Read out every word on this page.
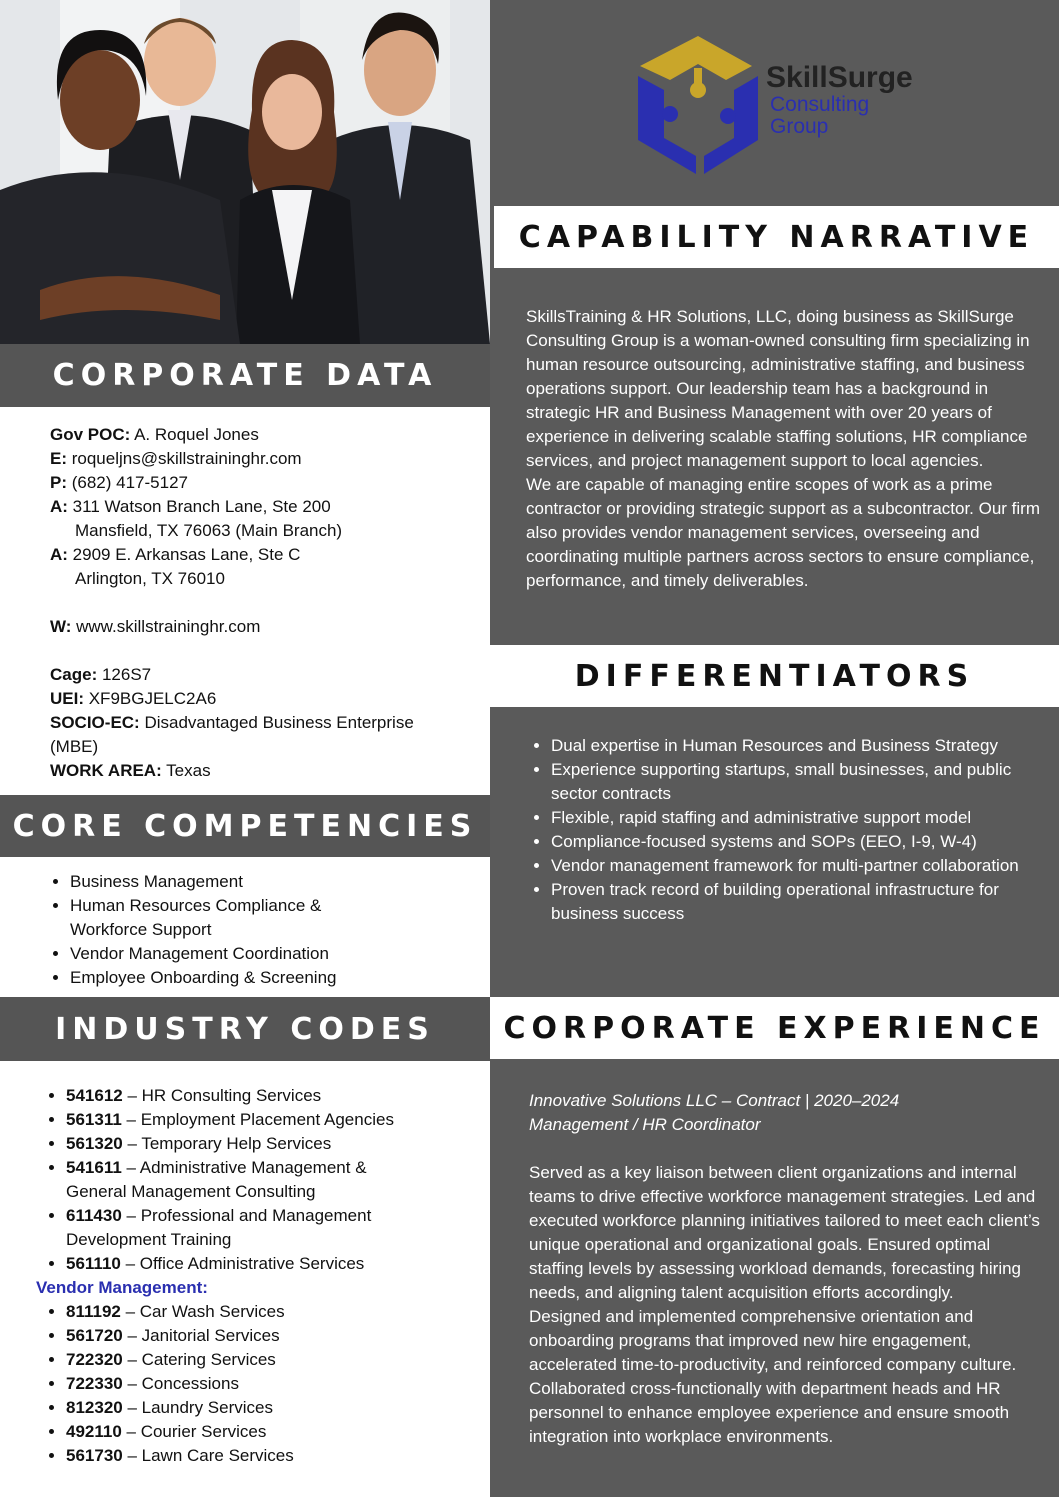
SkillSurge
Consulting
Group
CAPABILITY NARRATIVE
SkillsTraining & HR Solutions, LLC, doing business as SkillSurge Consulting Group is a woman-owned consulting firm specializing in human resource outsourcing, administrative staffing, and business operations support. Our leadership team has a background in strategic HR and Business Management with over 20 years of experience in delivering scalable staffing solutions, HR compliance services, and project management support to local agencies.
We are capable of managing entire scopes of work as a prime contractor or providing strategic support as a subcontractor. Our firm also provides vendor management services, overseeing and coordinating multiple partners across sectors to ensure compliance, performance, and timely deliverables.
DIFFERENTIATORS
• Dual expertise in Human Resources and Business Strategy
• Experience supporting startups, small businesses, and public sector contracts
• Flexible, rapid staffing and administrative support model
• Compliance-focused systems and SOPs (EEO, I-9, W-4)
• Vendor management framework for multi-partner collaboration
• Proven track record of building operational infrastructure for business success
CORPORATE EXPERIENCE
Innovative Solutions LLC – Contract | 2020–2024
Management / HR Coordinator
Served as a key liaison between client organizations and internal teams to drive effective workforce management strategies. Led and executed workforce planning initiatives tailored to meet each client’s unique operational and organizational goals. Ensured optimal staffing levels by assessing workload demands, forecasting hiring needs, and aligning talent acquisition efforts accordingly.
Designed and implemented comprehensive orientation and onboarding programs that improved new hire engagement, accelerated time-to-productivity, and reinforced company culture. Collaborated cross-functionally with department heads and HR personnel to enhance employee experience and ensure smooth integration into workplace environments.
CORPORATE DATA
Gov POC: A. Roquel Jones
E: roqueljns@skillstraininghr.com
P: (682) 417-5127
A: 311 Watson Branch Lane, Ste 200
Mansfield, TX 76063 (Main Branch)
A: 2909 E. Arkansas Lane, Ste C
Arlington, TX 76010
W: www.skillstraininghr.com
Cage: 126S7
UEI: XF9BGJELC2A6
SOCIO-EC: Disadvantaged Business Enterprise (MBE)
WORK AREA: Texas
CORE COMPETENCIES
• Business Management
• Human Resources Compliance & Workforce Support
• Vendor Management Coordination
• Employee Onboarding & Screening
INDUSTRY CODES
• 541612 – HR Consulting Services
• 561311 – Employment Placement Agencies
• 561320 – Temporary Help Services
• 541611 – Administrative Management & General Management Consulting
• 611430 – Professional and Management Development Training
• 561110 – Office Administrative Services
Vendor Management:
• 811192 – Car Wash Services
• 561720 – Janitorial Services
• 722320 – Catering Services
• 722330 – Concessions
• 812320 – Laundry Services
• 492110 – Courier Services
• 561730 – Lawn Care Services
